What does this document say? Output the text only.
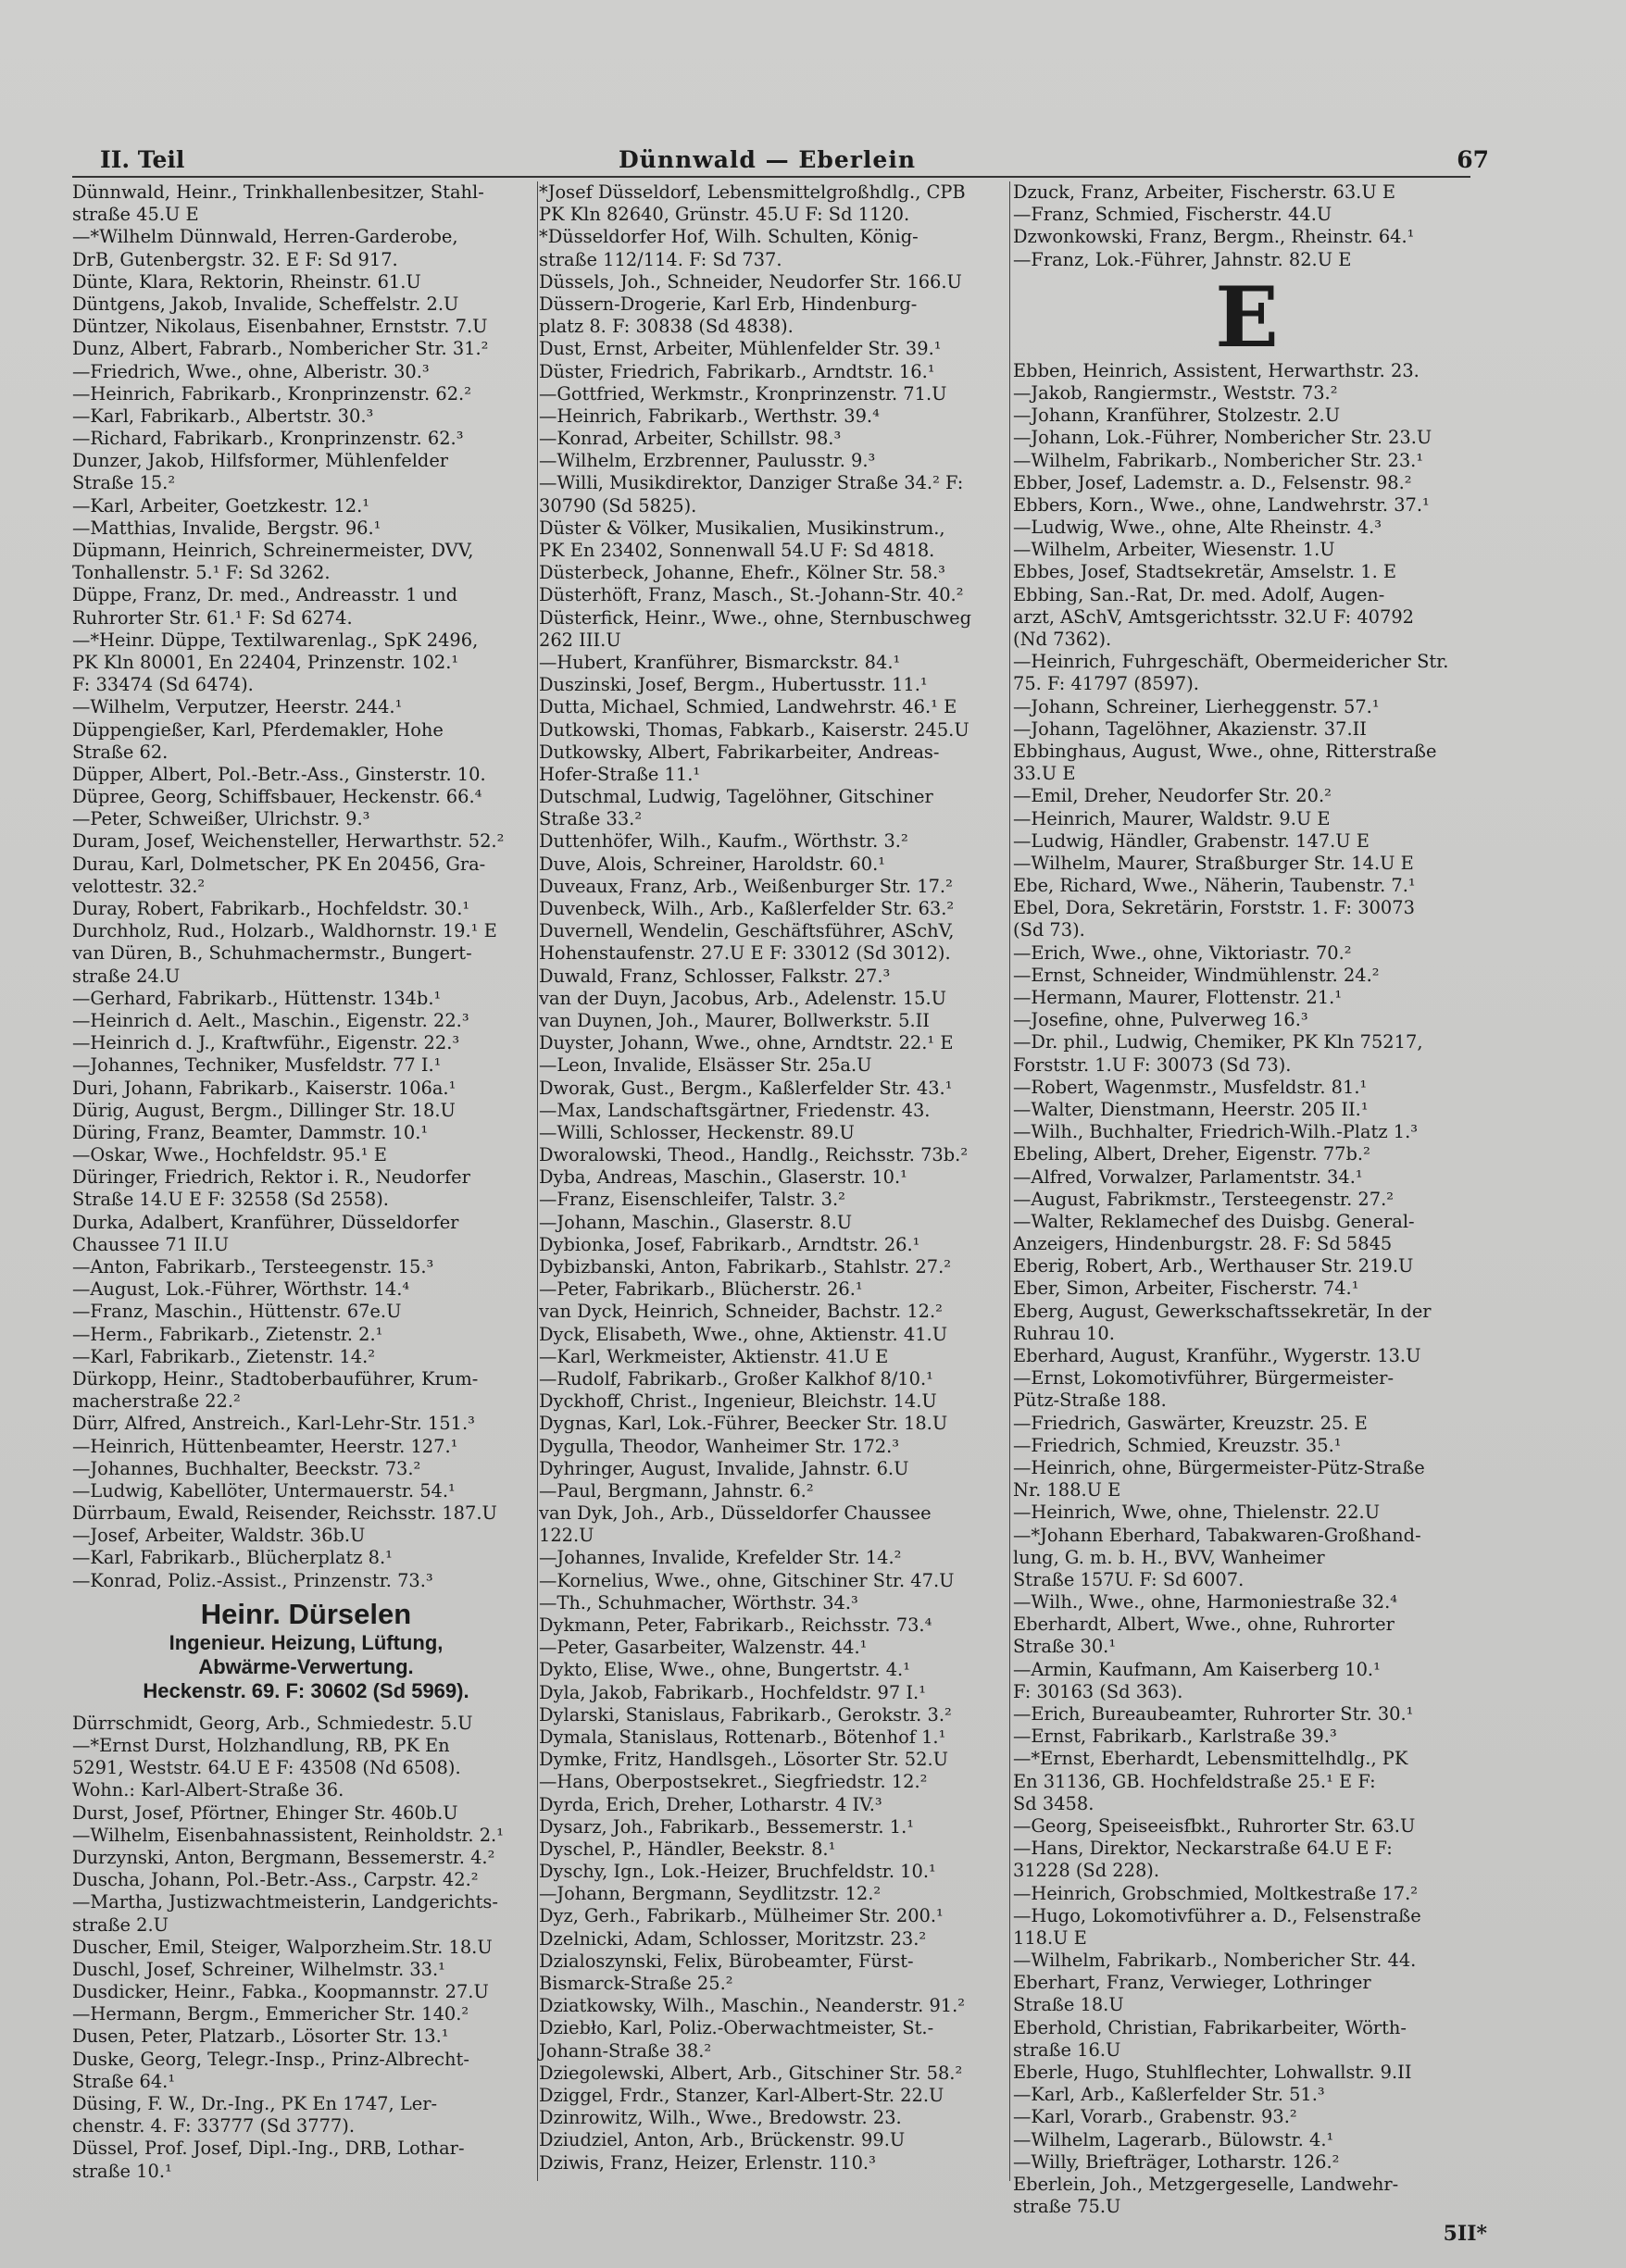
II. Teil	Dünnwald — Eberlein	67
Dünnwald, Heinr., Trinkhallenbesitzer, Stahl-
straße 45.U E
—*Wilhelm Dünnwald, Herren-Garderobe,
DrB, Gutenbergstr. 32. E F: Sd 917.
Dünte, Klara, Rektorin, Rheinstr. 61.U
Düntgens, Jakob, Invalide, Scheffelstr. 2.U
Düntzer, Nikolaus, Eisenbahner, Ernststr. 7.U
Dunz, Albert, Fabrarb., Nombericher Str. 31.²
—Friedrich, Wwe., ohne, Alberistr. 30.³
—Heinrich, Fabrikarb., Kronprinzenstr. 62.²
—Karl, Fabrikarb., Albertstr. 30.³
—Richard, Fabrikarb., Kronprinzenstr. 62.³
Dunzer, Jakob, Hilfsformer, Mühlenfelder
Straße 15.²
—Karl, Arbeiter, Goetzkestr. 12.¹
—Matthias, Invalide, Bergstr. 96.¹
Düpmann, Heinrich, Schreinermeister, DVV,
Tonhallenstr. 5.¹ F: Sd 3262.
Düppe, Franz, Dr. med., Andreasstr. 1 und
Ruhrorter Str. 61.¹ F: Sd 6274.
—*Heinr. Düppe, Textilwarenlag., SpK 2496,
PK Kln 80001, En 22404, Prinzenstr. 102.¹
F: 33474 (Sd 6474).
—Wilhelm, Verputzer, Heerstr. 244.¹
Düppengießer, Karl, Pferdemakler, Hohe
Straße 62.
Düpper, Albert, Pol.-Betr.-Ass., Ginsterstr. 10.
Düpree, Georg, Schiffsbauer, Heckenstr. 66.⁴
—Peter, Schweißer, Ulrichstr. 9.³
Duram, Josef, Weichensteller, Herwarthstr. 52.²
Durau, Karl, Dolmetscher, PK En 20456, Gra-
velottestr. 32.²
Duray, Robert, Fabrikarb., Hochfeldstr. 30.¹
Durchholz, Rud., Holzarb., Waldhornstr. 19.¹ E
van Düren, B., Schuhmachermstr., Bungert-
straße 24.U
—Gerhard, Fabrikarb., Hüttenstr. 134b.¹
—Heinrich d. Aelt., Maschin., Eigenstr. 22.³
—Heinrich d. J., Kraftwführ., Eigenstr. 22.³
—Johannes, Techniker, Musfeldstr. 77 I.¹
Duri, Johann, Fabrikarb., Kaiserstr. 106a.¹
Dürig, August, Bergm., Dillinger Str. 18.U
Düring, Franz, Beamter, Dammstr. 10.¹
—Oskar, Wwe., Hochfeldstr. 95.¹ E
Düringer, Friedrich, Rektor i. R., Neudorfer
Straße 14.U E F: 32558 (Sd 2558).
Durka, Adalbert, Kranführer, Düsseldorfer
Chaussee 71 II.U
—Anton, Fabrikarb., Tersteegenstr. 15.³
—August, Lok.-Führer, Wörthstr. 14.⁴
—Franz, Maschin., Hüttenstr. 67e.U
—Herm., Fabrikarb., Zietenstr. 2.¹
—Karl, Fabrikarb., Zietenstr. 14.²
Dürkopp, Heinr., Stadtoberbauführer, Krum-
macherstraße 22.²
Dürr, Alfred, Anstreich., Karl-Lehr-Str. 151.³
—Heinrich, Hüttenbeamter, Heerstr. 127.¹
—Johannes, Buchhalter, Beeckstr. 73.²
—Ludwig, Kabellöter, Untermauerstr. 54.¹
Dürrbaum, Ewald, Reisender, Reichsstr. 187.U
—Josef, Arbeiter, Waldstr. 36b.U
—Karl, Fabrikarb., Blücherplatz 8.¹
—Konrad, Poliz.-Assist., Prinzenstr. 73.³
Heinr. Dürselen
Ingenieur. Heizung, Lüftung,
Abwärme-Verwertung.
Heckenstr. 69. F: 30602 (Sd 5969).
Dürrschmidt, Georg, Arb., Schmiedestr. 5.U
—*Ernst Durst, Holzhandlung, RB, PK En
5291, Weststr. 64.U E F: 43508 (Nd 6508).
Wohn.: Karl-Albert-Straße 36.
Durst, Josef, Pförtner, Ehinger Str. 460b.U
—Wilhelm, Eisenbahnassistent, Reinholdstr. 2.¹
Durzynski, Anton, Bergmann, Bessemerstr. 4.²
Duscha, Johann, Pol.-Betr.-Ass., Carpstr. 42.²
—Martha, Justizwachtmeisterin, Landgerichts-
straße 2.U
Duscher, Emil, Steiger, Walporzheim.Str. 18.U
Duschl, Josef, Schreiner, Wilhelmstr. 33.¹
Dusdicker, Heinr., Fabka., Koopmannstr. 27.U
—Hermann, Bergm., Emmericher Str. 140.²
Dusen, Peter, Platzarb., Lösorter Str. 13.¹
Duske, Georg, Telegr.-Insp., Prinz-Albrecht-
Straße 64.¹
Düsing, F. W., Dr.-Ing., PK En 1747, Ler-
chenstr. 4. F: 33777 (Sd 3777).
Düssel, Prof. Josef, Dipl.-Ing., DRB, Lothar-
straße 10.¹
*Josef Düsseldorf, Lebensmittelgroßhdlg., CPB
PK Kln 82640, Grünstr. 45.U F: Sd 1120.
*Düsseldorfer Hof, Wilh. Schulten, König-
straße 112/114. F: Sd 737.
Düssels, Joh., Schneider, Neudorfer Str. 166.U
Düssern-Drogerie, Karl Erb, Hindenburg-
platz 8. F: 30838 (Sd 4838).
Dust, Ernst, Arbeiter, Mühlenfelder Str. 39.¹
Düster, Friedrich, Fabrikarb., Arndtstr. 16.¹
—Gottfried, Werkmstr., Kronprinzenstr. 71.U
—Heinrich, Fabrikarb., Werthstr. 39.⁴
—Konrad, Arbeiter, Schillstr. 98.³
—Wilhelm, Erzbrenner, Paulusstr. 9.³
—Willi, Musikdirektor, Danziger Straße 34.² F:
30790 (Sd 5825).
Düster & Völker, Musikalien, Musikinstrum.,
PK En 23402, Sonnenwall 54.U F: Sd 4818.
Düsterbeck, Johanne, Ehefr., Kölner Str. 58.³
Düsterhöft, Franz, Masch., St.-Johann-Str. 40.²
Düsterfick, Heinr., Wwe., ohne, Sternbuschweg
262 III.U
—Hubert, Kranführer, Bismarckstr. 84.¹
Duszinski, Josef, Bergm., Hubertusstr. 11.¹
Dutta, Michael, Schmied, Landwehrstr. 46.¹ E
Dutkowski, Thomas, Fabkarb., Kaiserstr. 245.U
Dutkowsky, Albert, Fabrikarbeiter, Andreas-
Hofer-Straße 11.¹
Dutschmal, Ludwig, Tagelöhner, Gitschiner
Straße 33.²
Duttenhöfer, Wilh., Kaufm., Wörthstr. 3.²
Duve, Alois, Schreiner, Haroldstr. 60.¹
Duveaux, Franz, Arb., Weißenburger Str. 17.²
Duvenbeck, Wilh., Arb., Kaßlerfelder Str. 63.²
Duvernell, Wendelin, Geschäftsführer, ASchV,
Hohenstaufenstr. 27.U E F: 33012 (Sd 3012).
Duwald, Franz, Schlosser, Falkstr. 27.³
van der Duyn, Jacobus, Arb., Adelenstr. 15.U
van Duynen, Joh., Maurer, Bollwerkstr. 5.II
Duyster, Johann, Wwe., ohne, Arndtstr. 22.¹ E
—Leon, Invalide, Elsässer Str. 25a.U
Dworak, Gust., Bergm., Kaßlerfelder Str. 43.¹
—Max, Landschaftsgärtner, Friedenstr. 43.
—Willi, Schlosser, Heckenstr. 89.U
Dworalowski, Theod., Handlg., Reichsstr. 73b.²
Dyba, Andreas, Maschin., Glaserstr. 10.¹
—Franz, Eisenschleifer, Talstr. 3.²
—Johann, Maschin., Glaserstr. 8.U
Dybionka, Josef, Fabrikarb., Arndtstr. 26.¹
Dybizbanski, Anton, Fabrikarb., Stahlstr. 27.²
—Peter, Fabrikarb., Blücherstr. 26.¹
van Dyck, Heinrich, Schneider, Bachstr. 12.²
Dyck, Elisabeth, Wwe., ohne, Aktienstr. 41.U
—Karl, Werkmeister, Aktienstr. 41.U E
—Rudolf, Fabrikarb., Großer Kalkhof 8/10.¹
Dyckhoff, Christ., Ingenieur, Bleichstr. 14.U
Dygnas, Karl, Lok.-Führer, Beecker Str. 18.U
Dygulla, Theodor, Wanheimer Str. 172.³
Dyhringer, August, Invalide, Jahnstr. 6.U
—Paul, Bergmann, Jahnstr. 6.²
van Dyk, Joh., Arb., Düsseldorfer Chaussee
122.U
—Johannes, Invalide, Krefelder Str. 14.²
—Kornelius, Wwe., ohne, Gitschiner Str. 47.U
—Th., Schuhmacher, Wörthstr. 34.³
Dykmann, Peter, Fabrikarb., Reichsstr. 73.⁴
—Peter, Gasarbeiter, Walzenstr. 44.¹
Dykto, Elise, Wwe., ohne, Bungertstr. 4.¹
Dyla, Jakob, Fabrikarb., Hochfeldstr. 97 I.¹
Dylarski, Stanislaus, Fabrikarb., Gerokstr. 3.²
Dymala, Stanislaus, Rottenarb., Bötenhof 1.¹
Dymke, Fritz, Handlsgeh., Lösorter Str. 52.U
—Hans, Oberpostsekret., Siegfriedstr. 12.²
Dyrda, Erich, Dreher, Lotharstr. 4 IV.³
Dysarz, Joh., Fabrikarb., Bessemerstr. 1.¹
Dyschel, P., Händler, Beekstr. 8.¹
Dyschy, Ign., Lok.-Heizer, Bruchfeldstr. 10.¹
—Johann, Bergmann, Seydlitzstr. 12.²
Dyz, Gerh., Fabrikarb., Mülheimer Str. 200.¹
Dzelnicki, Adam, Schlosser, Moritzstr. 23.²
Dzialoszynski, Felix, Bürobeamter, Fürst-
Bismarck-Straße 25.²
Dziatkowsky, Wilh., Maschin., Neanderstr. 91.²
Dziebło, Karl, Poliz.-Oberwachtmeister, St.-
Johann-Straße 38.²
Dziegolewski, Albert, Arb., Gitschiner Str. 58.²
Dziggel, Frdr., Stanzer, Karl-Albert-Str. 22.U
Dzinrowitz, Wilh., Wwe., Bredowstr. 23.
Dziudziel, Anton, Arb., Brückenstr. 99.U
Dziwis, Franz, Heizer, Erlenstr. 110.³
Dzuck, Franz, Arbeiter, Fischerstr. 63.U E
—Franz, Schmied, Fischerstr. 44.U
Dzwonkowski, Franz, Bergm., Rheinstr. 64.¹
—Franz, Lok.-Führer, Jahnstr. 82.U E
E
Ebben, Heinrich, Assistent, Herwarthstr. 23.
—Jakob, Rangiermstr., Weststr. 73.²
—Johann, Kranführer, Stolzestr. 2.U
—Johann, Lok.-Führer, Nombericher Str. 23.U
—Wilhelm, Fabrikarb., Nombericher Str. 23.¹
Ebber, Josef, Lademstr. a. D., Felsenstr. 98.²
Ebbers, Korn., Wwe., ohne, Landwehrstr. 37.¹
—Ludwig, Wwe., ohne, Alte Rheinstr. 4.³
—Wilhelm, Arbeiter, Wiesenstr. 1.U
Ebbes, Josef, Stadtsekretär, Amselstr. 1. E
Ebbing, San.-Rat, Dr. med. Adolf, Augen-
arzt, ASchV, Amtsgerichtsstr. 32.U F: 40792
(Nd 7362).
—Heinrich, Fuhrgeschäft, Obermeidericher Str.
75. F: 41797 (8597).
—Johann, Schreiner, Lierheggenstr. 57.¹
—Johann, Tagelöhner, Akazienstr. 37.II
Ebbinghaus, August, Wwe., ohne, Ritterstraße
33.U E
—Emil, Dreher, Neudorfer Str. 20.²
—Heinrich, Maurer, Waldstr. 9.U E
—Ludwig, Händler, Grabenstr. 147.U E
—Wilhelm, Maurer, Straßburger Str. 14.U E
Ebe, Richard, Wwe., Näherin, Taubenstr. 7.¹
Ebel, Dora, Sekretärin, Forststr. 1. F: 30073
(Sd 73).
—Erich, Wwe., ohne, Viktoriastr. 70.²
—Ernst, Schneider, Windmühlenstr. 24.²
—Hermann, Maurer, Flottenstr. 21.¹
—Josefine, ohne, Pulverweg 16.³
—Dr. phil., Ludwig, Chemiker, PK Kln 75217,
Forststr. 1.U F: 30073 (Sd 73).
—Robert, Wagenmstr., Musfeldstr. 81.¹
—Walter, Dienstmann, Heerstr. 205 II.¹
—Wilh., Buchhalter, Friedrich-Wilh.-Platz 1.³
Ebeling, Albert, Dreher, Eigenstr. 77b.²
—Alfred, Vorwalzer, Parlamentstr. 34.¹
—August, Fabrikmstr., Tersteegenstr. 27.²
—Walter, Reklamechef des Duisbg. General-
Anzeigers, Hindenburgstr. 28. F: Sd 5845
Eberig, Robert, Arb., Werthauser Str. 219.U
Eber, Simon, Arbeiter, Fischerstr. 74.¹
Eberg, August, Gewerkschaftssekretär, In der
Ruhrau 10.
Eberhard, August, Kranführ., Wygerstr. 13.U
—Ernst, Lokomotivführer, Bürgermeister-
Pütz-Straße 188.
—Friedrich, Gaswärter, Kreuzstr. 25. E
—Friedrich, Schmied, Kreuzstr. 35.¹
—Heinrich, ohne, Bürgermeister-Pütz-Straße
Nr. 188.U E
—Heinrich, Wwe, ohne, Thielenstr. 22.U
—*Johann Eberhard, Tabakwaren-Großhand-
lung, G. m. b. H., BVV, Wanheimer
Straße 157U. F: Sd 6007.
—Wilh., Wwe., ohne, Harmoniestraße 32.⁴
Eberhardt, Albert, Wwe., ohne, Ruhrorter
Straße 30.¹
—Armin, Kaufmann, Am Kaiserberg 10.¹
F: 30163 (Sd 363).
—Erich, Bureaubeamter, Ruhrorter Str. 30.¹
—Ernst, Fabrikarb., Karlstraße 39.³
—*Ernst, Eberhardt, Lebensmittelhdlg., PK
En 31136, GB. Hochfeldstraße 25.¹ E F:
Sd 3458.
—Georg, Speiseeisfbkt., Ruhrorter Str. 63.U
—Hans, Direktor, Neckarstraße 64.U E F:
31228 (Sd 228).
—Heinrich, Grobschmied, Moltkestraße 17.²
—Hugo, Lokomotivführer a. D., Felsenstraße
118.U E
—Wilhelm, Fabrikarb., Nombericher Str. 44.
Eberhart, Franz, Verwieger, Lothringer
Straße 18.U
Eberhold, Christian, Fabrikarbeiter, Wörth-
straße 16.U
Eberle, Hugo, Stuhlflechter, Lohwallstr. 9.II
—Karl, Arb., Kaßlerfelder Str. 51.³
—Karl, Vorarb., Grabenstr. 93.²
—Wilhelm, Lagerarb., Bülowstr. 4.¹
—Willy, Briefträger, Lotharstr. 126.²
Eberlein, Joh., Metzgergeselle, Landwehr-
straße 75.U
5II*
